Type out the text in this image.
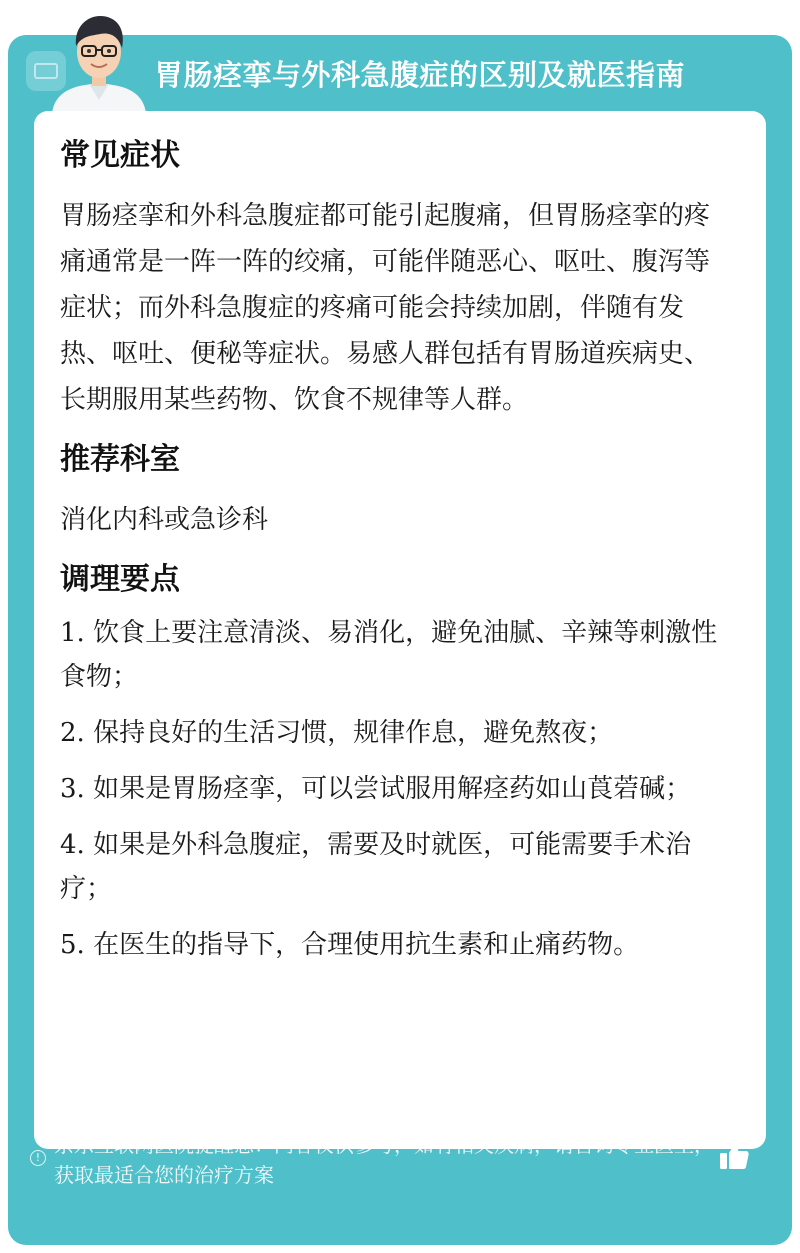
胃肠痉挛与外科急腹症的区别及就医指南
常见症状

胃肠痉挛和外科急腹症都可能引起腹痛，但胃肠痉挛的疼痛通常是一阵一阵的绞痛，可能伴随恶心、呕吐、腹泻等症状；而外科急腹症的疼痛可能会持续加剧，伴随有发热、呕吐、便秘等症状。易感人群包括有胃肠道疾病史、长期服用某些药物、饮食不规律等人群。

推荐科室

消化内科或急诊科

调理要点
1. 饮食上要注意清淡、易消化，避免油腻、辛辣等刺激性食物；
2. 保持良好的生活习惯，规律作息，避免熬夜；
3. 如果是胃肠痉挛，可以尝试服用解痉药如山莨菪碱；
4. 如果是外科急腹症，需要及时就医，可能需要手术治疗；
5. 在医生的指导下，合理使用抗生素和止痛药物。
!
京东互联网医院提醒您：内容仅供参考，如有相关疾病，请咨询专业医生，获取最适合您的治疗方案
